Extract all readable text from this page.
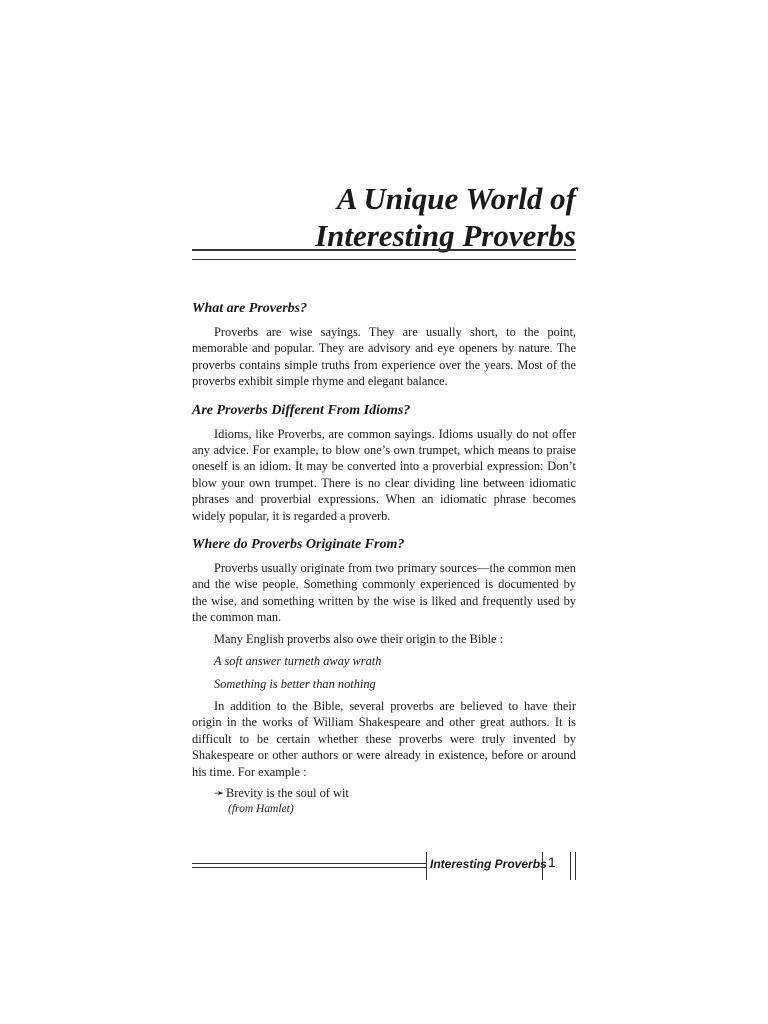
A Unique World of

Interesting Proverbs

What are Proverbs?

Proverbs are wise sayings. They are usually short, to the point, memorable and popular. They are advisory and eye openers by nature. The proverbs contains simple truths from experience over the years. Most of the proverbs exhibit simple rhyme and elegant balance.

Are Proverbs Different From Idioms?

Idioms, like Proverbs, are common sayings. Idioms usually do not offer any advice. For example, to blow one’s own trumpet, which means to praise oneself is an idiom. It may be converted into a proverbial expression: Don’t blow your own trumpet. There is no clear dividing line between idiomatic phrases and proverbial expressions. When an idiomatic phrase becomes widely popular, it is regarded a proverb.

Where do Proverbs Originate From?

Proverbs usually originate from two primary sources—the common men and the wise people. Something commonly experienced is documented by the wise, and something written by the wise is liked and frequently used by the common man.

Many English proverbs also owe their origin to the Bible :

A soft answer turneth away wrath
Something is better than nothing

In addition to the Bible, several proverbs are believed to have their origin in the works of William Shakespeare and other great authors. It is difficult to be certain whether these proverbs were truly invented by Shakespeare or other authors or were already in existence, before or around his time. For example :

➛ Brevity is the soul of wit
(from Hamlet)
Interesting Proverbs 1
